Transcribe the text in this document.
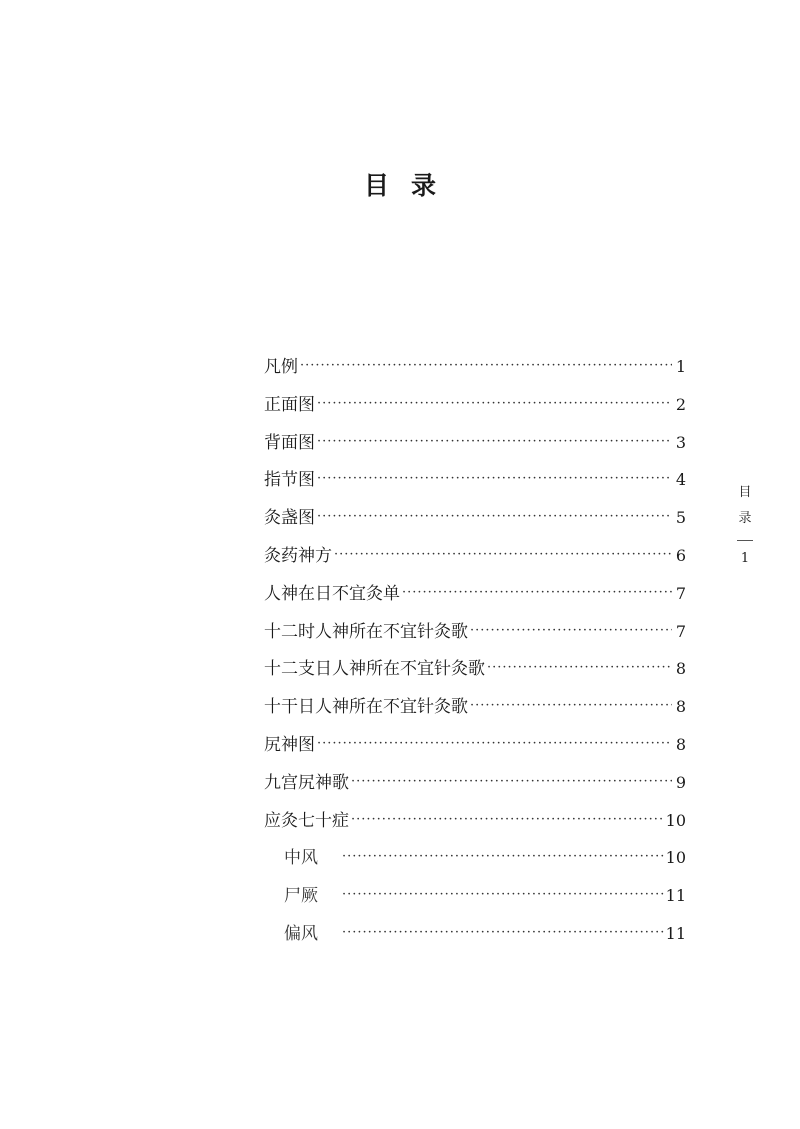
目 录
凡例 ·····	1
正面图 ·····	2
背面图 ·····	3
指节图 ·····	4
灸盏图 ·····	5
灸药神方 ·····	6
人神在日不宜灸单 ·····	7
十二时人神所在不宜针灸歌 ·····	7
十二支日人神所在不宜针灸歌 ·····	8
十干日人神所在不宜针灸歌 ·····	8
尻神图 ·····	8
九宫尻神歌 ·····	9
应灸七十症 ·····	10
中风 ·····	10
尸厥 ·····	11
偏风 ·····	11
目
录
1
